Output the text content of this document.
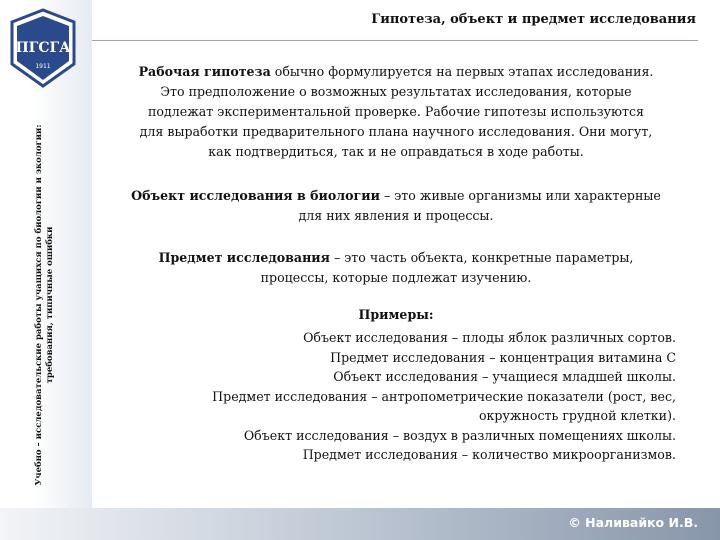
ПГСГА
1911
Учебно – исследовательские работы учащихся по биологии и экологии: требования, типичные ошибки
Гипотеза, объект и предмет исследования
Рабочая гипотеза обычно формулируется на первых этапах исследования.
Это предположение о возможных результатах исследования, которые
подлежат экспериментальной проверке. Рабочие гипотезы используются
для выработки предварительного плана научного исследования. Они могут,
как подтвердиться, так и не оправдаться в ходе работы.
Объект исследования в биологии – это живые организмы или характерные
для них явления и процессы.
Предмет исследования – это часть объекта, конкретные параметры,
процессы, которые подлежат изучению.
Примеры:
Объект исследования – плоды яблок различных сортов.
Предмет исследования – концентрация витамина С
Объект исследования – учащиеся младшей школы.
Предмет исследования – антропометрические показатели (рост, вес,
окружность грудной клетки).
Объект исследования – воздух в различных помещениях школы.
Предмет исследования – количество микроорганизмов.
© Наливайко И.В.
